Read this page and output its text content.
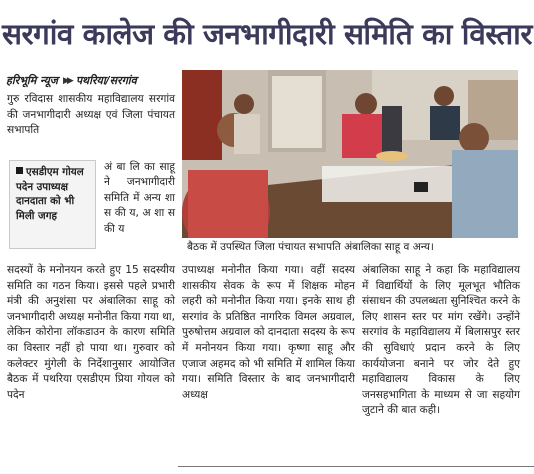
सरगांव कालेज की जनभागीदारी समिति का विस्तार
हरिभूमि न्यूज ▶▶ पथरिया/सरगांव

गुरु रविदास शासकीय महाविद्यालय सरगांव की जनभागीदारी अध्यक्ष एवं जिला पंचायत सभापति

एसडीएम गोयल पदेन उपाध्यक्ष दानदाता को भी मिली जगह

अं बा लि का साहू ने जनभागीदारी समिति में अन्य शा स की य, अ शा स की य

सदस्यों के मनोनयन करते हुए 15 सदस्यीय समिति का गठन किया। इससे पहले प्रभारी मंत्री की अनुशंसा पर अंबालिका साहू को जनभागीदारी अध्यक्ष मनोनीत किया गया था, लेकिन कोरोना लॉकडाउन के कारण समिति का विस्तार नहीं हो पाया था। गुरुवार को कलेक्टर मुंगेली के निर्देशानुसार आयोजित बैठक में पथरिया एसडीएम प्रिया गोयल को पदेन

बैठक में उपस्थित जिला पंचायत सभापति अंबालिका साहू व अन्य।

उपाध्यक्ष मनोनीत किया गया। वहीं सदस्य शासकीय सेवक के रूप में शिक्षक मोहन लहरी को मनोनीत किया गया। इनके साथ ही सरगांव के प्रतिष्ठित नागरिक विमल अग्रवाल, पुरुषोत्तम अग्रवाल को दानदाता सदस्य के रूप में मनोनयन किया गया। कृष्णा साहू और एजाज अहमद को भी समिति में शामिल किया गया। समिति विस्तार के बाद जनभागीदारी अध्यक्ष

अंबालिका साहू ने कहा कि महाविद्यालय में विद्यार्थियों के लिए मूलभूत भौतिक संसाधन की उपलब्धता सुनिश्चित करने के लिए शासन स्तर पर मांग रखेंगे। उन्होंने सरगांव के महाविद्यालय में बिलासपुर स्तर की सुविधाएं प्रदान करने के लिए कार्ययोजना बनाने पर जोर देते हुए महाविद्यालय विकास के लिए जनसहभागिता के माध्यम से जा सहयोग जुटाने की बात कही।
